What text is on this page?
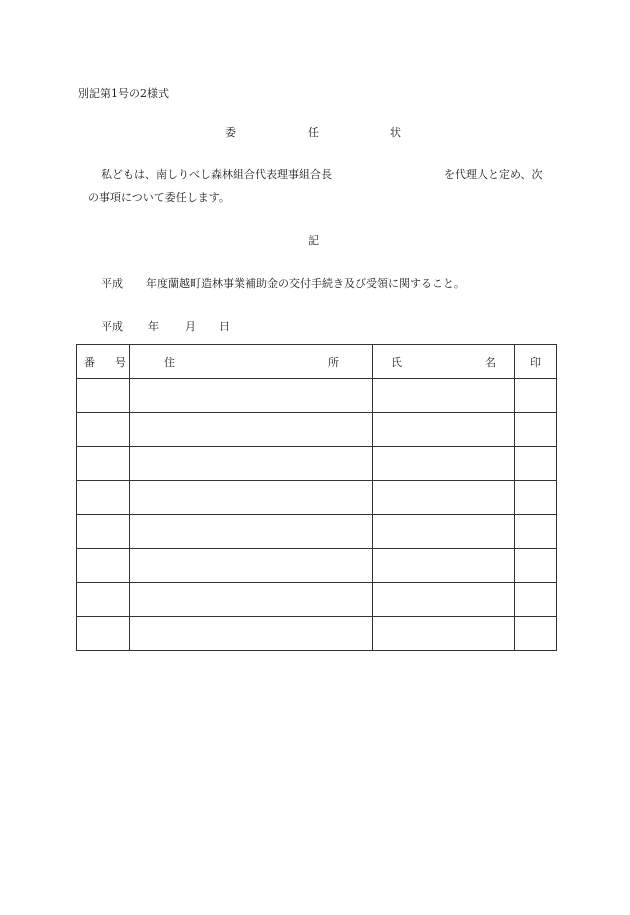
別記第1号の2様式
委	任	状
私どもは、南しりべし森林組合代表理事組合長	を代理人と定め、次
の事項について委任します。
記
平成 年度蘭越町造林事業補助金の交付手続き及び受領に関すること。
平成 年 月 日
番 号	住 所	氏 名	印
